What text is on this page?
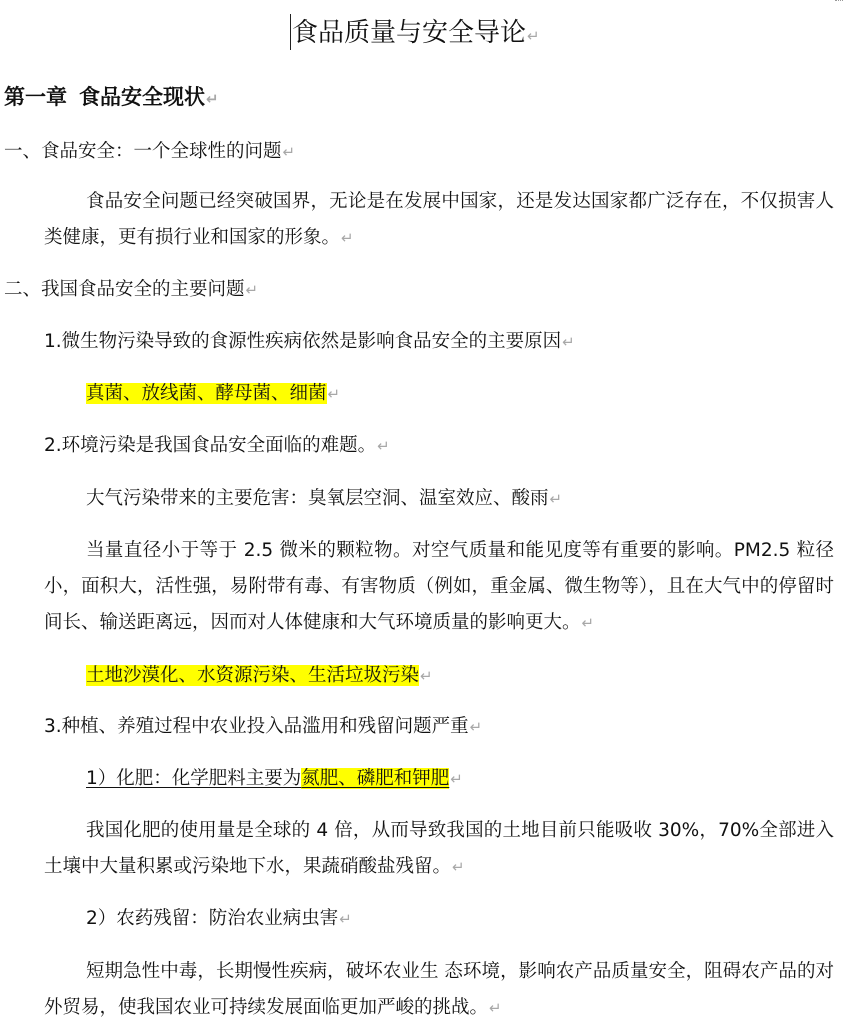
食品质量与安全导论↵
第一章 食品安全现状↵
一、食品安全：一个全球性的问题↵
食品安全问题已经突破国界，无论是在发展中国家，还是发达国家都广泛存在，不仅损害人类健康，更有损行业和国家的形象。↵
二、我国食品安全的主要问题↵
1.微生物污染导致的食源性疾病依然是影响食品安全的主要原因↵
真菌、放线菌、酵母菌、细菌↵
2.环境污染是我国食品安全面临的难题。↵
大气污染带来的主要危害：臭氧层空洞、温室效应、酸雨↵
当量直径小于等于 2.5 微米的颗粒物。对空气质量和能见度等有重要的影响。PM2.5 粒径小，面积大，活性强，易附带有毒、有害物质（例如，重金属、微生物等），且在大气中的停留时间长、输送距离远，因而对人体健康和大气环境质量的影响更大。↵
土地沙漠化、水资源污染、生活垃圾污染↵
3.种植、养殖过程中农业投入品滥用和残留问题严重↵
1）化肥：化学肥料主要为氮肥、磷肥和钾肥↵
我国化肥的使用量是全球的 4 倍，从而导致我国的土地目前只能吸收 30%，70%全部进入土壤中大量积累或污染地下水，果蔬硝酸盐残留。↵
2）农药残留：防治农业病虫害↵
短期急性中毒，长期慢性疾病，破坏农业生 态环境，影响农产品质量安全，阻碍农产品的对外贸易，使我国农业可持续发展面临更加严峻的挑战。↵
